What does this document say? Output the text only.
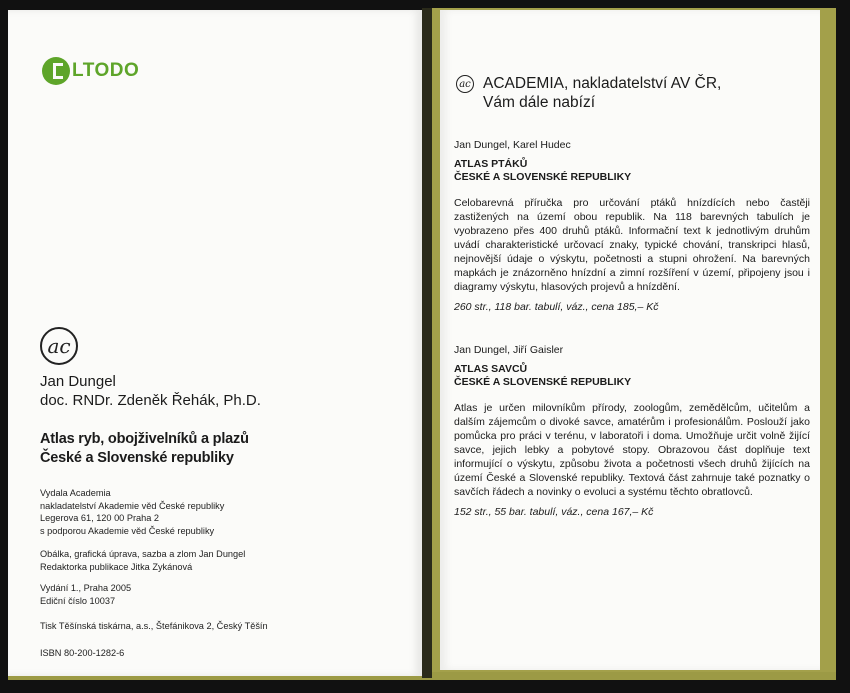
LTODO
ac
Jan Dungel
doc. RNDr. Zdeněk Řehák, Ph.D.
Atlas ryb, obojživelníků a plazů
České a Slovenské republiky
Vydala Academia
nakladatelství Akademie věd České republiky
Legerova 61, 120 00 Praha 2
s podporou Akademie věd České republiky
Obálka, grafická úprava, sazba a zlom Jan Dungel
Redaktorka publikace Jitka Zykánová
Vydání 1., Praha 2005
Ediční číslo 10037
Tisk Těšínská tiskárna, a.s., Štefánikova 2, Český Těšín
ISBN 80-200-1282-6
ac ACADEMIA, nakladatelství AV ČR,
Vám dále nabízí
Jan Dungel, Karel Hudec
ATLAS PTÁKŮ
ČESKÉ A SLOVENSKÉ REPUBLIKY
Celobarevná příručka pro určování ptáků hnízdících nebo častěji zastižených na území obou republik. Na 118 barevných tabulích je vyobrazeno přes 400 druhů ptáků. Informační text k jednotlivým druhům uvádí charakteristické určovací znaky, typické chování, transkripci hlasů, nejnovější údaje o výskytu, početnosti a stupni ohrožení. Na barevných mapkách je znázorněno hnízdní a zimní rozšíření v území, připojeny jsou i diagramy výskytu, hlasových projevů a hnízdění.
260 str., 118 bar. tabulí, váz., cena 185,– Kč
Jan Dungel, Jiří Gaisler
ATLAS SAVCŮ
ČESKÉ A SLOVENSKÉ REPUBLIKY
Atlas je určen milovníkům přírody, zoologům, zemědělcům, učitelům a dalším zájemcům o divoké savce, amatérům i profesionálům. Poslouží jako pomůcka pro práci v terénu, v laboratoři i doma. Umožňuje určit volně žijící savce, jejich lebky a pobytové stopy. Obrazovou část doplňuje text informující o výskytu, způsobu života a početnosti všech druhů žijících na území České a Slovenské republiky. Textová část zahrnuje také poznatky o savčích řádech a novinky o evoluci a systému těchto obratlovců.
152 str., 55 bar. tabulí, váz., cena 167,– Kč
